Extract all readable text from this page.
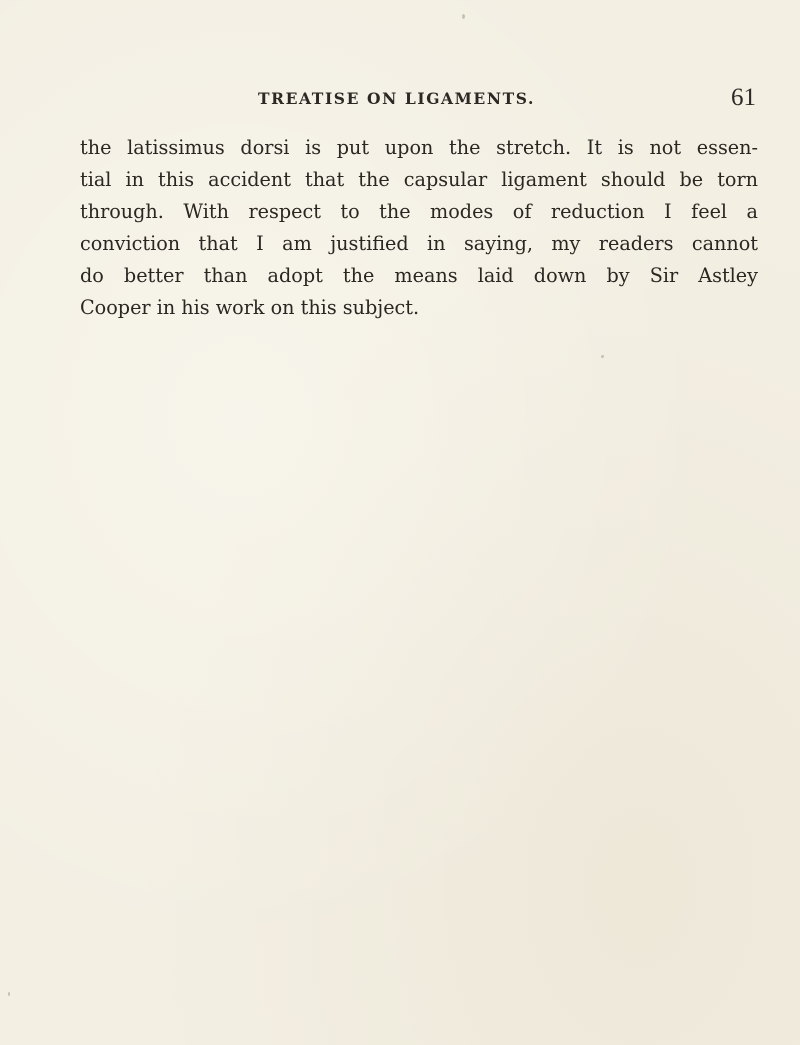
TREATISE ON LIGAMENTS.	61
the latissimus dorsi is put upon the stretch. It is not essen-
tial in this accident that the capsular ligament should be torn
through. With respect to the modes of reduction I feel a
conviction that I am justified in saying, my readers cannot
do better than adopt the means laid down by Sir Astley
Cooper in his work on this subject.
